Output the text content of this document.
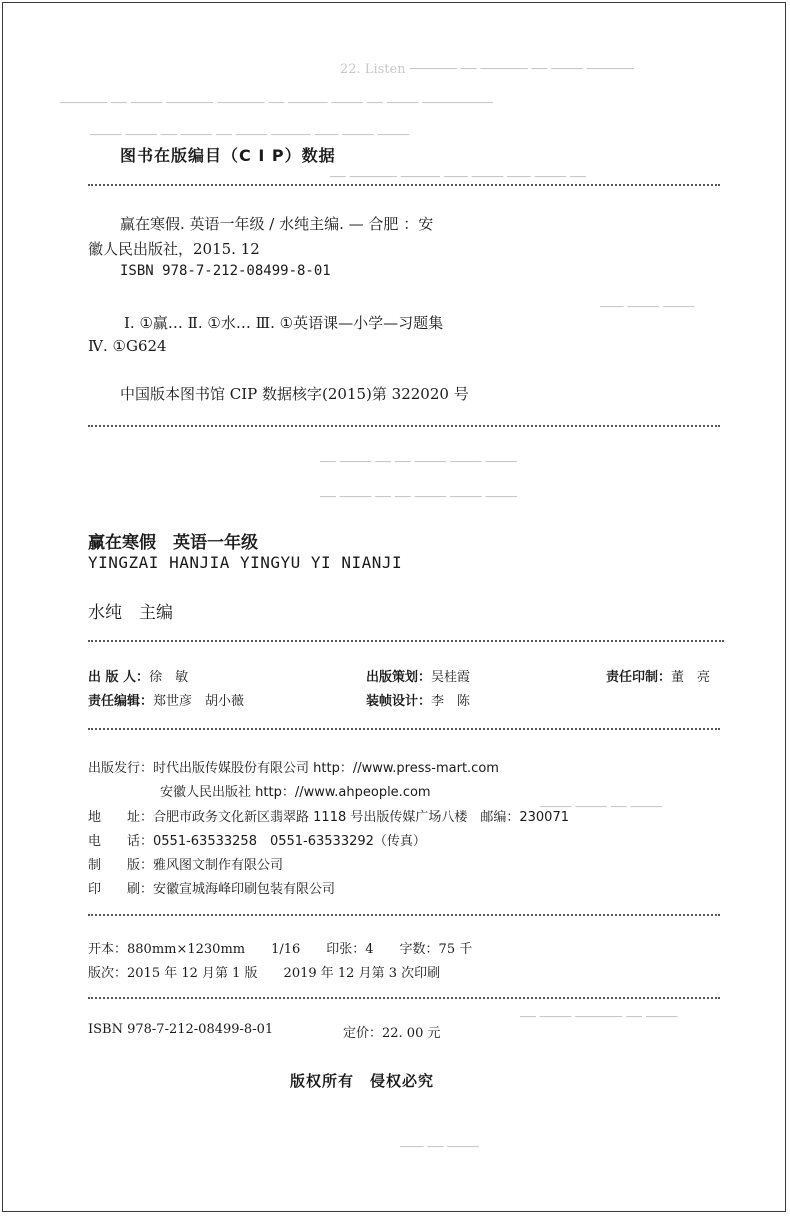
22. Listen ────── ── ────── ── ──── ──────
────── ── ──── ────── ────── ── ───── ──── ── ──── ─────────
──── ──── ── ──── ── ──── ───── ─── ──── ────
── ────── ───── ─── ──── ─── ──── ──
─── ──── ────
── ──── ── ── ──── ──── ────
── ──── ── ── ──── ──── ────
──── ──── ── ────
── ──── ────── ── ────
─── ── ────
图书在版编目（C I P）数据
赢在寒假. 英语一年级 / 水纯主编. — 合肥 ：安
徽人民出版社，2015. 12
ISBN 978-7-212-08499-8-01
Ⅰ. ①赢… Ⅱ. ①水… Ⅲ. ①英语课—小学—习题集
Ⅳ. ①G624
中国版本图书馆 CIP 数据核字(2015)第 322020 号
赢在寒假　英语一年级
YINGZAI HANJIA YINGYU YI NIANJI
水纯　主编
出 版 人：徐　敏	出版策划：吴桂霞	责任印制：董　亮
责任编辑：郑世彦　胡小薇	装帧设计：李　陈
出版发行：时代出版传媒股份有限公司 http：//www.press-mart.com
安徽人民出版社 http：//www.ahpeople.com
地　　址：合肥市政务文化新区翡翠路 1118 号出版传媒广场八楼　邮编：230071
电　　话：0551-63533258　0551-63533292（传真）
制　　版：雅风图文制作有限公司
印　　刷：安徽宣城海峰印刷包装有限公司
开本：880mm×1230mm　　1/16　　印张：4　　字数：75 千
版次：2015 年 12 月第 1 版　　2019 年 12 月第 3 次印刷
ISBN 978-7-212-08499-8-01	定价：22. 00 元
版权所有　侵权必究
